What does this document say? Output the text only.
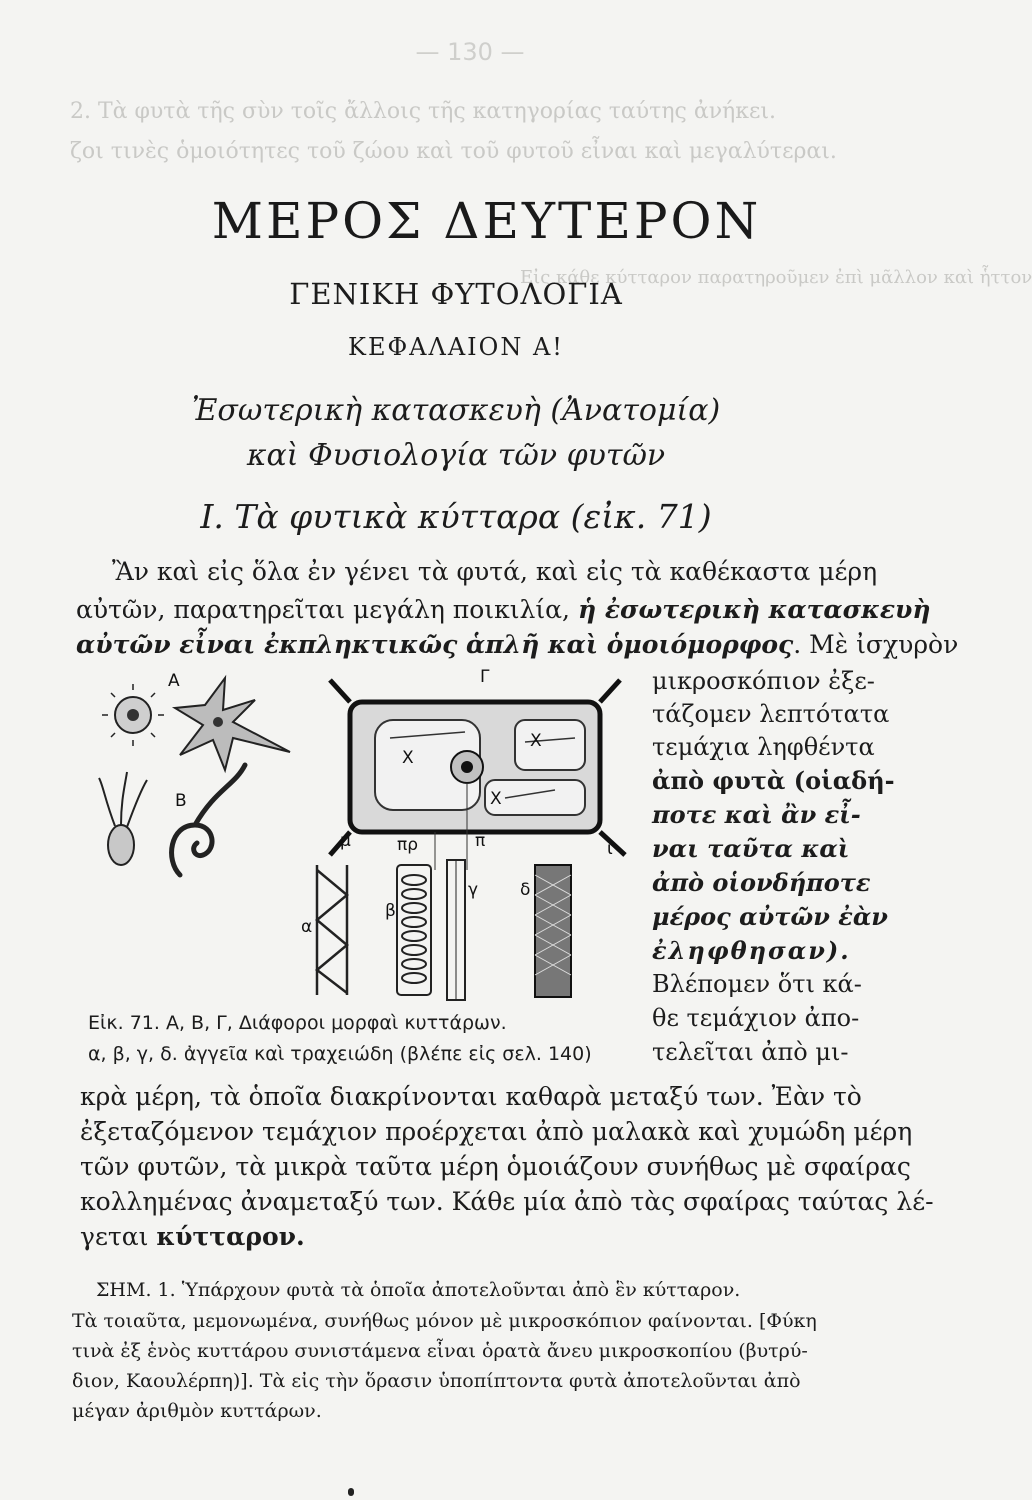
2. Τὰ φυτὰ τῆς σὺν τοῖς ἄλλοις τῆς κατηγορίας ταύτης ἀνήκει.
ζοι τινὲς ὁμοιότητες τοῦ ζώου καὶ τοῦ φυτοῦ εἶναι καὶ μεγαλύτεραι.
Εἰς κάθε κύτταρον παρατηροῦμεν ἐπὶ μᾶλλον καὶ ἧττον
— 130 —
ΜΕΡΟΣ ΔΕΥΤΕΡΟΝ
ΓΕΝΙΚΗ ΦΥΤΟΛΟΓΙΑ
ΚΕΦΑΛΑΙΟΝ Α!
Ἐσωτερικὴ κατασκευὴ (Ἀνατομία)
καὶ Φυσιολογία τῶν φυτῶν
Ι. Τὰ φυτικὰ κύτταρα (εἰκ. 71)
Ἂν καὶ εἰς ὅλα ἐν γένει τὰ φυτά, καὶ εἰς τὰ καθέκαστα μέρη
αὐτῶν, παρατηρεῖται μεγάλη ποικιλία, ἡ ἐσωτερικὴ κατασκευὴ
αὐτῶν εἶναι ἐκπληκτικῶς ἁπλῆ καὶ ὁμοιόμορφος. Μὲ ἰσχυρὸν
Α
Β
Γ
Χ
Χ
Χ
μ	πρ	π	ι
α
β
γ δ
Εἰκ. 71. Α, Β, Γ, Διάφοροι μορφαὶ κυττάρων.
α, β, γ, δ. ἀγγεῖα καὶ τραχειώδη (βλέπε εἰς σελ. 140)
μικροσκόπιον ἐξε-
τάζομεν λεπτότατα
τεμάχια ληφθέντα
ἀπὸ φυτὰ (οἱαδή-
ποτε καὶ ἂν εἶ-
ναι ταῦτα καὶ
ἀπὸ οἱονδήποτε
μέρος αὐτῶν ἐὰν
ἐληφθησαν).
Βλέπομεν ὅτι κά-
θε τεμάχιον ἀπο-
τελεῖται ἀπὸ μι-
κρὰ μέρη, τὰ ὁποῖα διακρίνονται καθαρὰ μεταξύ των. Ἐὰν τὸ
ἐξεταζόμενον τεμάχιον προέρχεται ἀπὸ μαλακὰ καὶ χυμώδη μέρη
τῶν φυτῶν, τὰ μικρὰ ταῦτα μέρη ὁμοιάζουν συνήθως μὲ σφαίρας
κολλημένας ἀναμεταξύ των. Κάθε μία ἀπὸ τὰς σφαίρας ταύτας λέ-
γεται κύτταρον.
ΣΗΜ. 1. Ὑπάρχουν φυτὰ τὰ ὁποῖα ἀποτελοῦνται ἀπὸ ἓν κύτταρον.
Τὰ τοιαῦτα, μεμονωμένα, συνήθως μόνον μὲ μικροσκόπιον φαίνονται. [Φύκη
τινὰ ἐξ ἑνὸς κυττάρου συνιστάμενα εἶναι ὁρατὰ ἄνευ μικροσκοπίου (βυτρύ-
διον, Καουλέρπη)]. Τὰ εἰς τὴν ὅρασιν ὑποπίπτοντα φυτὰ ἀποτελοῦνται ἀπὸ
μέγαν ἀριθμὸν κυττάρων.
